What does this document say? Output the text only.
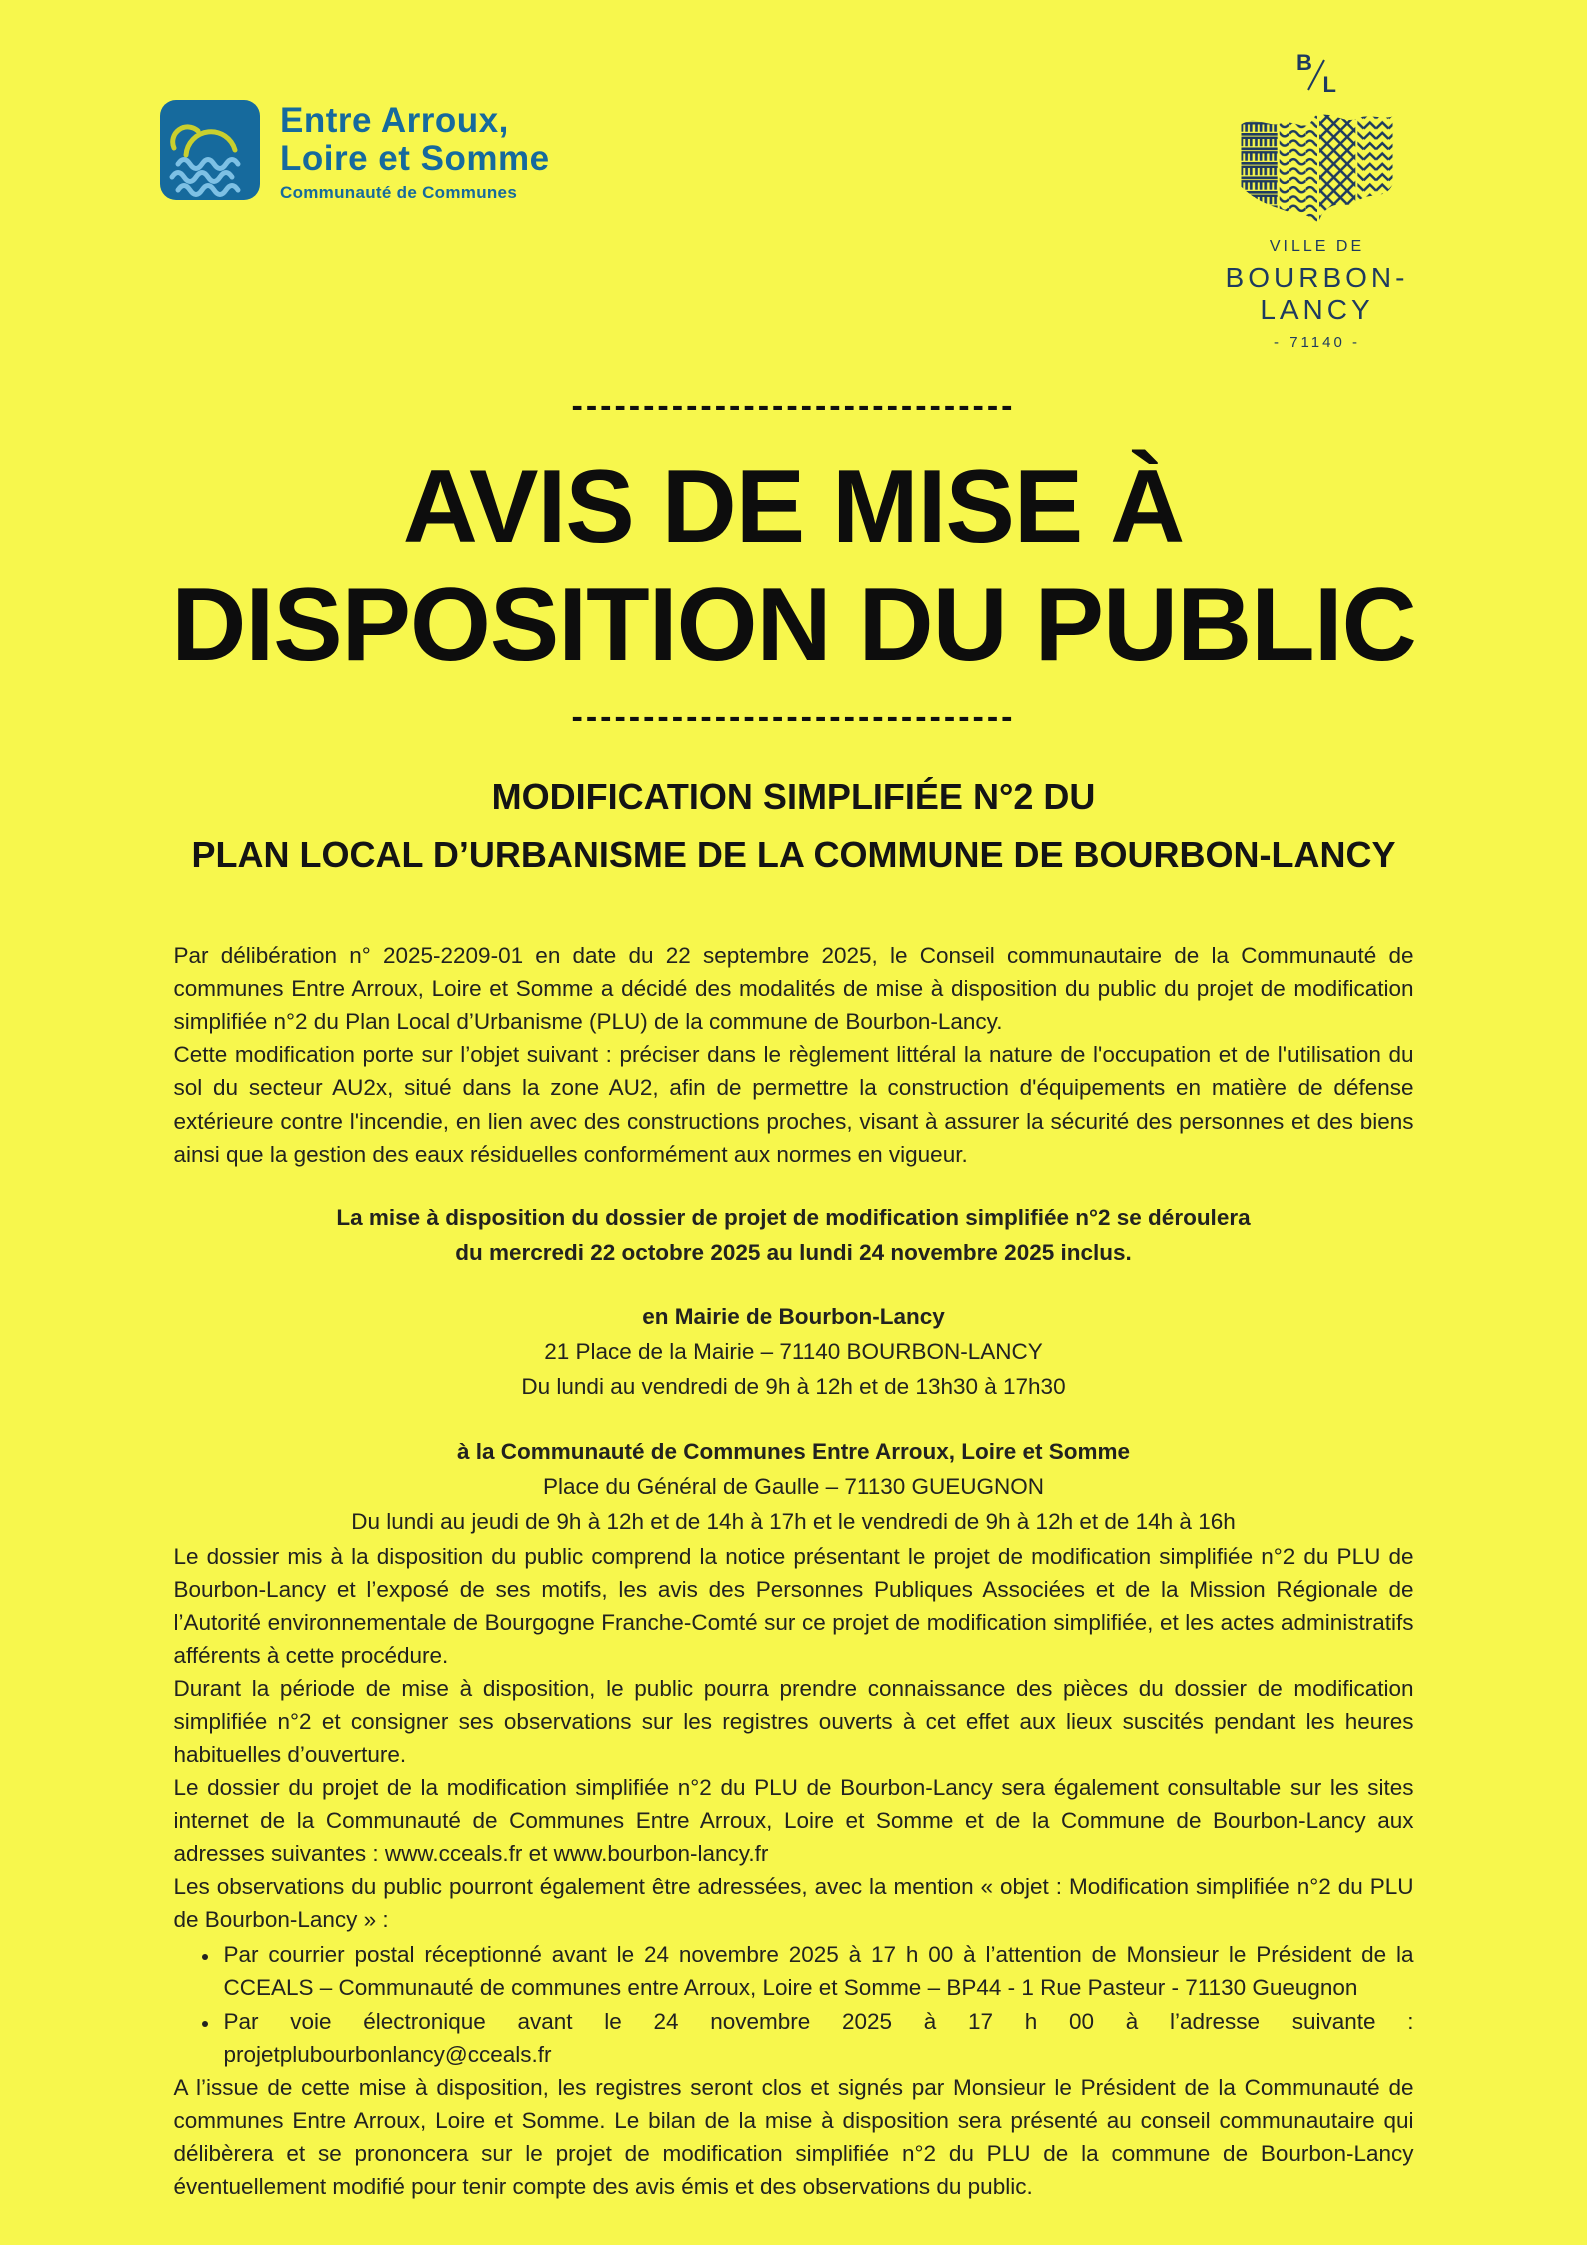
Entre Arroux,
Loire et Somme
Communauté de Communes
B
L
VILLE DE
BOURBON-LANCY
- 71140 -
-------------------------------
AVIS DE MISE À
DISPOSITION DU PUBLIC
-------------------------------
MODIFICATION SIMPLIFIÉE N°2 DU
PLAN LOCAL D’URBANISME DE LA COMMUNE DE BOURBON-LANCY

Par délibération n° 2025-2209-01 en date du 22 septembre 2025, le Conseil communautaire de la Communauté de communes Entre Arroux, Loire et Somme a décidé des modalités de mise à disposition du public du projet de modification simplifiée n°2 du Plan Local d’Urbanisme (PLU) de la commune de Bourbon-Lancy.

Cette modification porte sur l’objet suivant : préciser dans le règlement littéral la nature de l'occupation et de l'utilisation du sol du secteur AU2x, situé dans la zone AU2, afin de permettre la construction d'équipements en matière de défense extérieure contre l'incendie, en lien avec des constructions proches, visant à assurer la sécurité des personnes et des biens ainsi que la gestion des eaux résiduelles conformément aux normes en vigueur.

La mise à disposition du dossier de projet de modification simplifiée n°2 se déroulera
du mercredi 22 octobre 2025 au lundi 24 novembre 2025 inclus.
en Mairie de Bourbon-Lancy
21 Place de la Mairie – 71140 BOURBON-LANCY
Du lundi au vendredi de 9h à 12h et de 13h30 à 17h30
à la Communauté de Communes Entre Arroux, Loire et Somme
Place du Général de Gaulle – 71130 GUEUGNON
Du lundi au jeudi de 9h à 12h et de 14h à 17h et le vendredi de 9h à 12h et de 14h à 16h

Le dossier mis à la disposition du public comprend la notice présentant le projet de modification simplifiée n°2 du PLU de Bourbon-Lancy et l’exposé de ses motifs, les avis des Personnes Publiques Associées et de la Mission Régionale de l’Autorité environnementale de Bourgogne Franche-Comté sur ce projet de modification simplifiée, et les actes administratifs afférents à cette procédure.

Durant la période de mise à disposition, le public pourra prendre connaissance des pièces du dossier de modification simplifiée n°2 et consigner ses observations sur les registres ouverts à cet effet aux lieux suscités pendant les heures habituelles d’ouverture.

Le dossier du projet de la modification simplifiée n°2 du PLU de Bourbon-Lancy sera également consultable sur les sites internet de la Communauté de Communes Entre Arroux, Loire et Somme et de la Commune de Bourbon-Lancy aux adresses suivantes : www.cceals.fr et www.bourbon-lancy.fr

Les observations du public pourront également être adressées, avec la mention « objet : Modification simplifiée n°2 du PLU de Bourbon-Lancy » :

• Par courrier postal réceptionné avant le 24 novembre 2025 à 17 h 00 à l’attention de Monsieur le Président de la CCEALS – Communauté de communes entre Arroux, Loire et Somme – BP44 - 1 Rue Pasteur - 71130 Gueugnon
• Par voie électronique avant le 24 novembre 2025 à 17 h 00 à l’adresse suivante :
projetplubourbonlancy@cceals.fr

A l’issue de cette mise à disposition, les registres seront clos et signés par Monsieur le Président de la Communauté de communes Entre Arroux, Loire et Somme. Le bilan de la mise à disposition sera présenté au conseil communautaire qui délibèrera et se prononcera sur le projet de modification simplifiée n°2 du PLU de la commune de Bourbon-Lancy éventuellement modifié pour tenir compte des avis émis et des observations du public.
